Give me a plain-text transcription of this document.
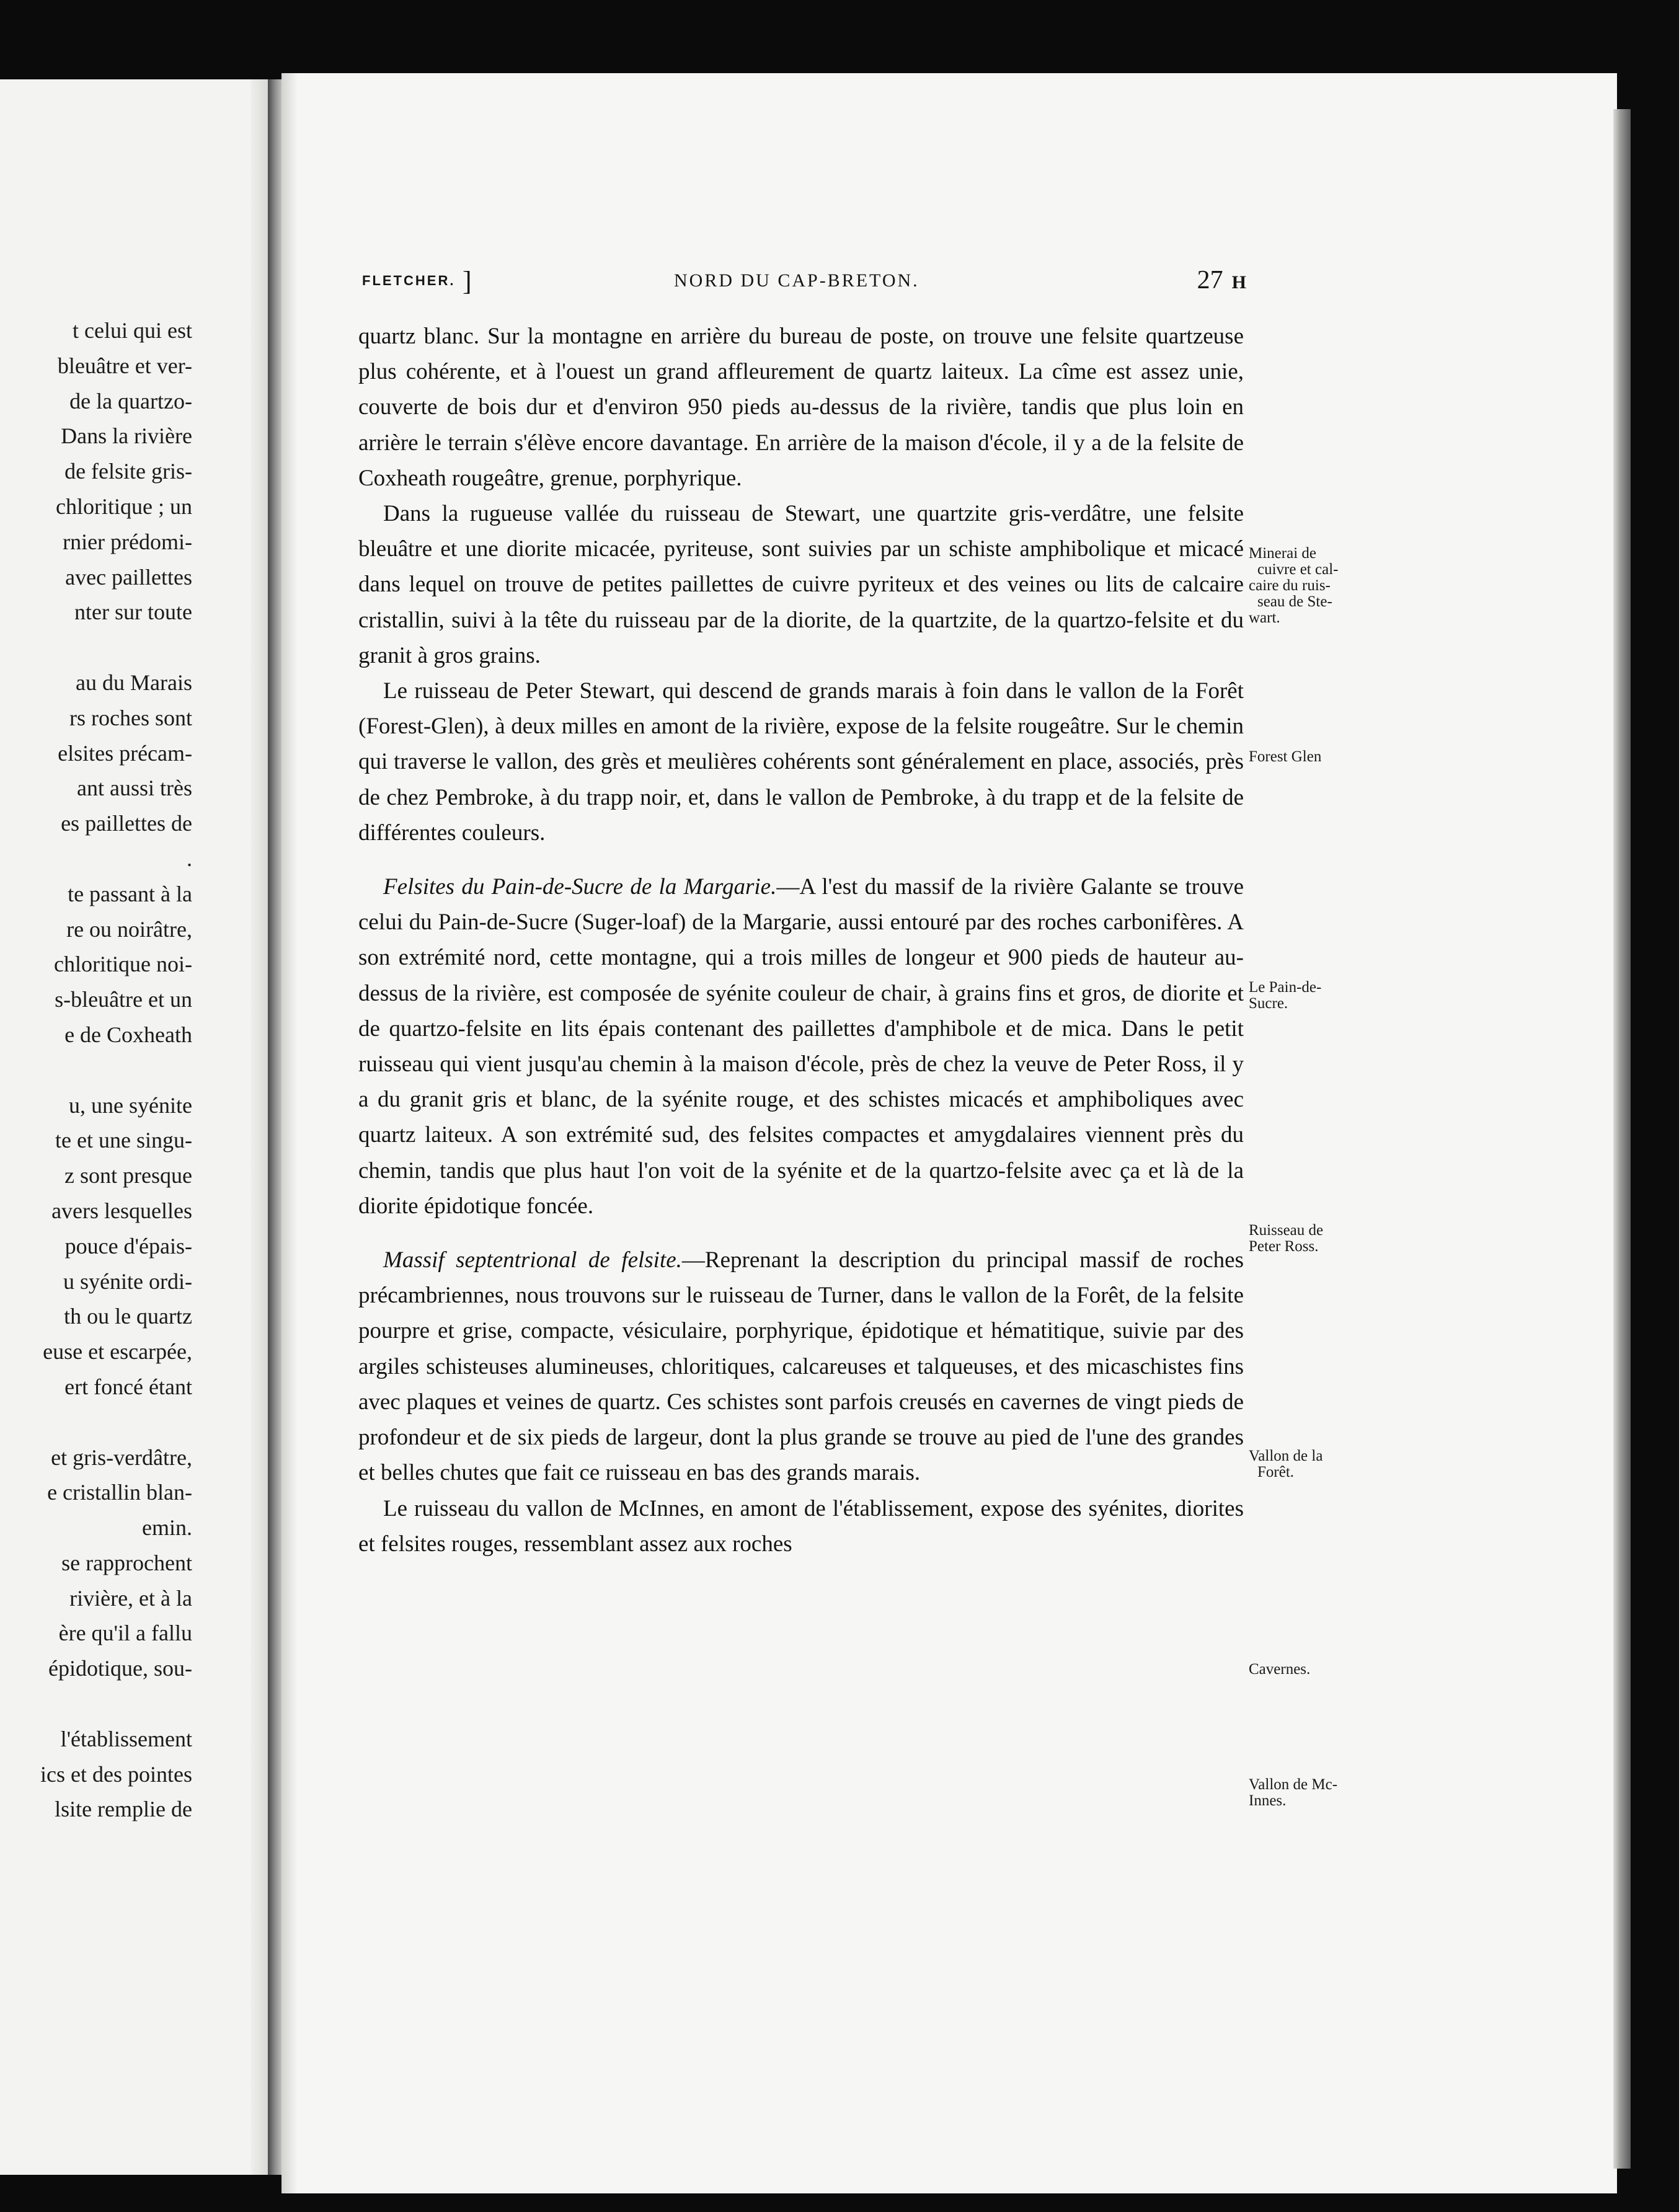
t celui qui est
bleuâtre et ver-
de la quartzo-
Dans la rivière
de felsite gris-
chloritique ; un
rnier prédomi-
avec paillettes
nter sur toute
au du Marais
rs roches sont
elsites précam-
ant aussi très
es paillettes de
.
te passant à la
re ou noirâtre,
chloritique noi-
s-bleuâtre et un
e de Coxheath
u, une syénite
te et une singu-
z sont presque
avers lesquelles
pouce d'épais-
u syénite ordi-
th ou le quartz
euse et escarpée,
ert foncé étant
et gris-verdâtre,
e cristallin blan-
emin.
se rapprochent
rivière, et à la
ère qu'il a fallu
épidotique, sou-
l'établissement
ics et des pointes
lsite remplie de
FLETCHER. ]	NORD DU CAP-BRETON.	27 H

quartz blanc. Sur la montagne en arrière du bureau de poste, on trouve une felsite quartzeuse plus cohérente, et à l'ouest un grand affleurement de quartz laiteux. La cîme est assez unie, couverte de bois dur et d'environ 950 pieds au-dessus de la rivière, tandis que plus loin en arrière le terrain s'élève encore davantage. En arrière de la maison d'école, il y a de la felsite de Coxheath rougeâtre, grenue, porphyrique.

Dans la rugueuse vallée du ruisseau de Stewart, une quartzite gris-verdâtre, une felsite bleuâtre et une diorite micacée, pyriteuse, sont suivies par un schiste amphibolique et micacé dans lequel on trouve de petites paillettes de cuivre pyriteux et des veines ou lits de calcaire cristallin, suivi à la tête du ruisseau par de la diorite, de la quartzite, de la quartzo-felsite et du granit à gros grains.

Le ruisseau de Peter Stewart, qui descend de grands marais à foin dans le vallon de la Forêt (Forest-Glen), à deux milles en amont de la rivière, expose de la felsite rougeâtre. Sur le chemin qui traverse le vallon, des grès et meulières cohérents sont généralement en place, associés, près de chez Pembroke, à du trapp noir, et, dans le vallon de Pembroke, à du trapp et de la felsite de différentes couleurs.

Felsites du Pain-de-Sucre de la Margarie.—A l'est du massif de la rivière Galante se trouve celui du Pain-de-Sucre (Suger-loaf) de la Margarie, aussi entouré par des roches carbonifères. A son extrémité nord, cette montagne, qui a trois milles de longeur et 900 pieds de hauteur au-dessus de la rivière, est composée de syénite couleur de chair, à grains fins et gros, de diorite et de quartzo-felsite en lits épais contenant des paillettes d'amphibole et de mica. Dans le petit ruisseau qui vient jusqu'au chemin à la maison d'école, près de chez la veuve de Peter Ross, il y a du granit gris et blanc, de la syénite rouge, et des schistes micacés et amphiboliques avec quartz laiteux. A son extrémité sud, des felsites compactes et amygdalaires viennent près du chemin, tandis que plus haut l'on voit de la syénite et de la quartzo-felsite avec ça et là de la diorite épidotique foncée.

Massif septentrional de felsite.—Reprenant la description du principal massif de roches précambriennes, nous trouvons sur le ruisseau de Turner, dans le vallon de la Forêt, de la felsite pourpre et grise, compacte, vésiculaire, porphyrique, épidotique et hématitique, suivie par des argiles schisteuses alumineuses, chloritiques, calcareuses et talqueuses, et des micaschistes fins avec plaques et veines de quartz. Ces schistes sont parfois creusés en cavernes de vingt pieds de profondeur et de six pieds de largeur, dont la plus grande se trouve au pied de l'une des grandes et belles chutes que fait ce ruisseau en bas des grands marais.

Le ruisseau du vallon de McInnes, en amont de l'établissement, expose des syénites, diorites et felsites rouges, ressemblant assez aux roches

Minerai de
cuivre et cal-
caire du ruis-
seau de Ste-
wart.
Forest Glen
Le Pain-de-
Sucre.
Ruisseau de
Peter Ross.
Vallon de la
Forêt.
Cavernes.
Vallon de Mc-
Innes.
